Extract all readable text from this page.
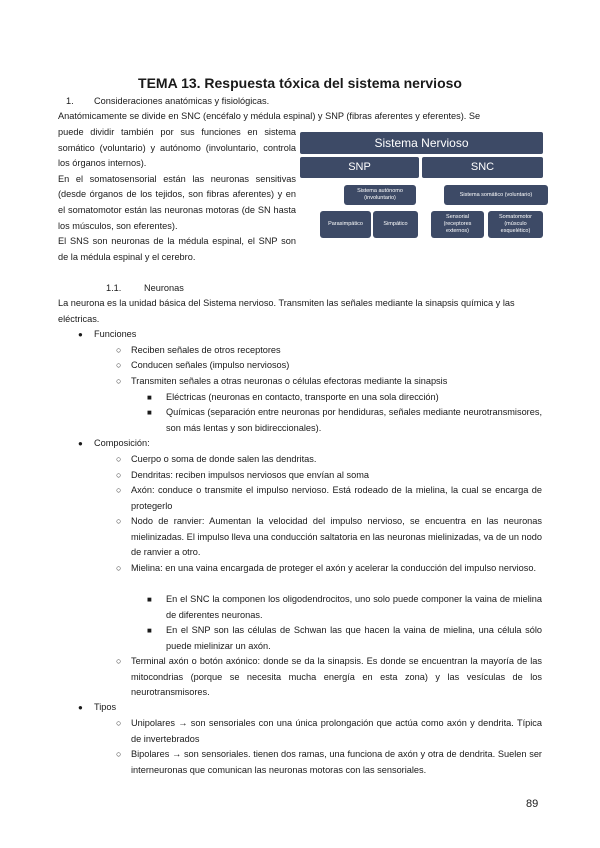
TEMA 13. Respuesta tóxica del sistema nervioso
1. Consideraciones anatómicas y fisiológicas.
Anatómicamente se divide en SNC (encéfalo y médula espinal) y SNP (fibras aferentes y eferentes). Se

puede dividir también por sus funciones en sistema somático (voluntario) y autónomo (involuntario, controla los órganos internos).

En el somatosensorial están las neuronas sensitivas (desde órganos de los tejidos, son fibras aferentes) y en el somatomotor están las neuronas motoras (de SN hasta los músculos, son eferentes).

El SNS son neuronas de la médula espinal, el SNP son de la médula espinal y el cerebro.

Sistema Nervioso
SNP	SNC
Sistema autónomo (involuntario)
Sistema somático (voluntario)
Parasimpático	Simpático
Sensorial (receptores externos)
Somatomotor (músculo esquelético)
1.1. Neuronas
La neurona es la unidad básica del Sistema nervioso. Transmiten las señales mediante la sinapsis química y las eléctricas.
● Funciones
○ Reciben señales de otros receptores
○ Conducen señales (impulso nerviosos)
○ Transmiten señales a otras neuronas o células efectoras mediante la sinapsis
■ Eléctricas (neuronas en contacto, transporte en una sola dirección)
■ Químicas (separación entre neuronas por hendiduras, señales mediante neurotransmisores, son más lentas y son bidireccionales).
● Composición:
○ Cuerpo o soma de donde salen las dendritas.
○ Dendritas: reciben impulsos nerviosos que envían al soma
○ Axón: conduce o transmite el impulso nervioso. Está rodeado de la mielina, la cual se encarga de protegerlo
○ Nodo de ranvier: Aumentan la velocidad del impulso nervioso, se encuentra en las neuronas mielinizadas. El impulso lleva una conducción saltatoria en las neuronas mielinizadas, va de un nodo de ranvier a otro.
○ Mielina: en una vaina encargada de proteger el axón y acelerar la conducción del impulso nervioso.
■ En el SNC la componen los oligodendrocitos, uno solo puede componer la vaina de mielina de diferentes neuronas.
■ En el SNP son las células de Schwan las que hacen la vaina de mielina, una célula sólo puede mielinizar un axón.
○ Terminal axón o botón axónico: donde se da la sinapsis. Es donde se encuentran la mayoría de las mitocondrias (porque se necesita mucha energía en esta zona) y las vesículas de los neurotransmisores.
● Tipos
○ Unipolares → son sensoriales con una única prolongación que actúa como axón y dendrita. Típica de invertebrados
○ Bipolares → son sensoriales. tienen dos ramas, una funciona de axón y otra de dendrita. Suelen ser interneuronas que comunican las neuronas motoras con las sensoriales.
89
